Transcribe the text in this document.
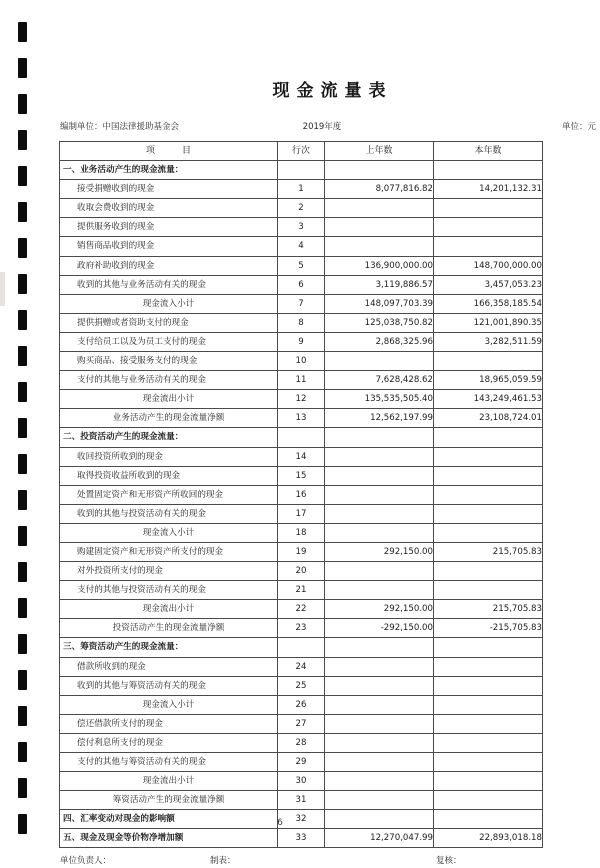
现金流量表
编制单位：中国法律援助基金会	2019年度	单位：元
项　目	行次	上年数	本年数
一、业务活动产生的现金流量：			
接受捐赠收到的现金	1	8,077,816.82	14,201,132.31
收取会费收到的现金	2		
提供服务收到的现金	3		
销售商品收到的现金	4		
政府补助收到的现金	5	136,900,000.00	148,700,000.00
收到的其他与业务活动有关的现金	6	3,119,886.57	3,457,053.23
现金流入小计	7	148,097,703.39	166,358,185.54
提供捐赠或者资助支付的现金	8	125,038,750.82	121,001,890.35
支付给员工以及为员工支付的现金	9	2,868,325.96	3,282,511.59
购买商品、接受服务支付的现金	10		
支付的其他与业务活动有关的现金	11	7,628,428.62	18,965,059.59
现金流出小计	12	135,535,505.40	143,249,461.53
业务活动产生的现金流量净额	13	12,562,197.99	23,108,724.01
二、投资活动产生的现金流量：			
收回投资所收到的现金	14		
取得投资收益所收到的现金	15		
处置固定资产和无形资产所收回的现金	16		
收到的其他与投资活动有关的现金	17		
现金流入小计	18		
购建固定资产和无形资产所支付的现金	19	292,150.00	215,705.83
对外投资所支付的现金	20		
支付的其他与投资活动有关的现金	21		
现金流出小计	22	292,150.00	215,705.83
投资活动产生的现金流量净额	23	-292,150.00	-215,705.83
三、筹资活动产生的现金流量：			
借款所收到的现金	24		
收到的其他与筹资活动有关的现金	25		
现金流入小计	26		
偿还借款所支付的现金	27		
偿付利息所支付的现金	28		
支付的其他与筹资活动有关的现金	29		
现金流出小计	30		
筹资活动产生的现金流量净额	31		
四、汇率变动对现金的影响额	32		
五、现金及现金等价物净增加额	33	12,270,047.99	22,893,018.18
单位负责人：	制表：	复核：
6
